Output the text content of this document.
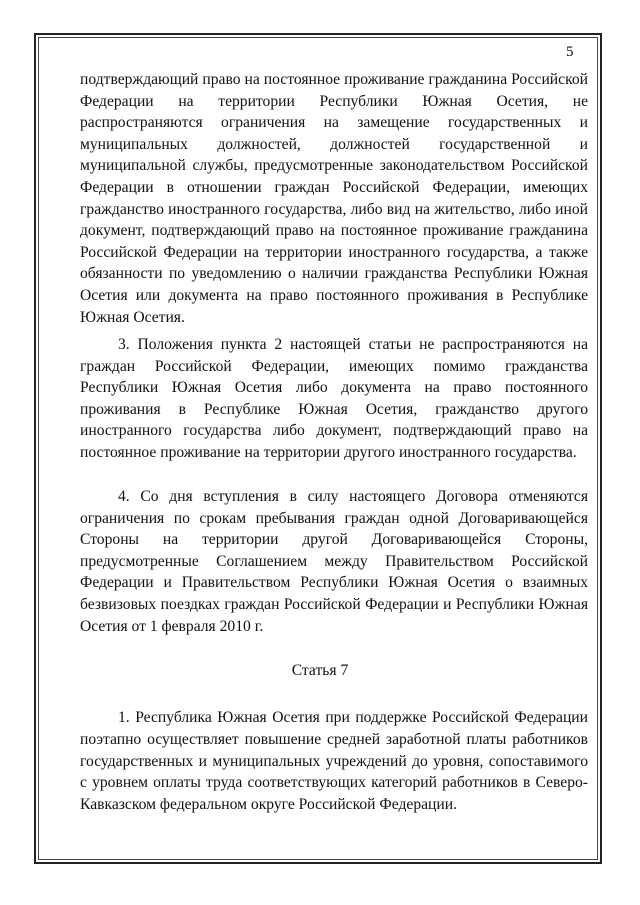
5

подтверждающий право на постоянное проживание гражданина Российской Федерации на территории Республики Южная Осетия, не распространяются ограничения на замещение государственных и муниципальных должностей, должностей государственной и муниципальной службы, предусмотренные законодательством Российской Федерации в отношении граждан Российской Федерации, имеющих гражданство иностранного государства, либо вид на жительство, либо иной документ, подтверждающий право на постоянное проживание гражданина Российской Федерации на территории иностранного государства, а также обязанности по уведомлению о наличии гражданства Республики Южная Осетия или документа на право постоянного проживания в Республике Южная Осетия.

3. Положения пункта 2 настоящей статьи не распространяются на граждан Российской Федерации, имеющих помимо гражданства Республики Южная Осетия либо документа на право постоянного проживания в Республике Южная Осетия, гражданство другого иностранного государства либо документ, подтверждающий право на постоянное проживание на территории другого иностранного государства.

4. Со дня вступления в силу настоящего Договора отменяются ограничения по срокам пребывания граждан одной Договаривающейся Стороны на территории другой Договаривающейся Стороны, предусмотренные Соглашением между Правительством Российской Федерации и Правительством Республики Южная Осетия о взаимных безвизовых поездках граждан Российской Федерации и Республики Южная Осетия от 1 февраля 2010 г.

Статья 7

1. Республика Южная Осетия при поддержке Российской Федерации поэтапно осуществляет повышение средней заработной платы работников государственных и муниципальных учреждений до уровня, сопоставимого с уровнем оплаты труда соответствующих категорий работников в Северо-Кавказском федеральном округе Российской Федерации.
